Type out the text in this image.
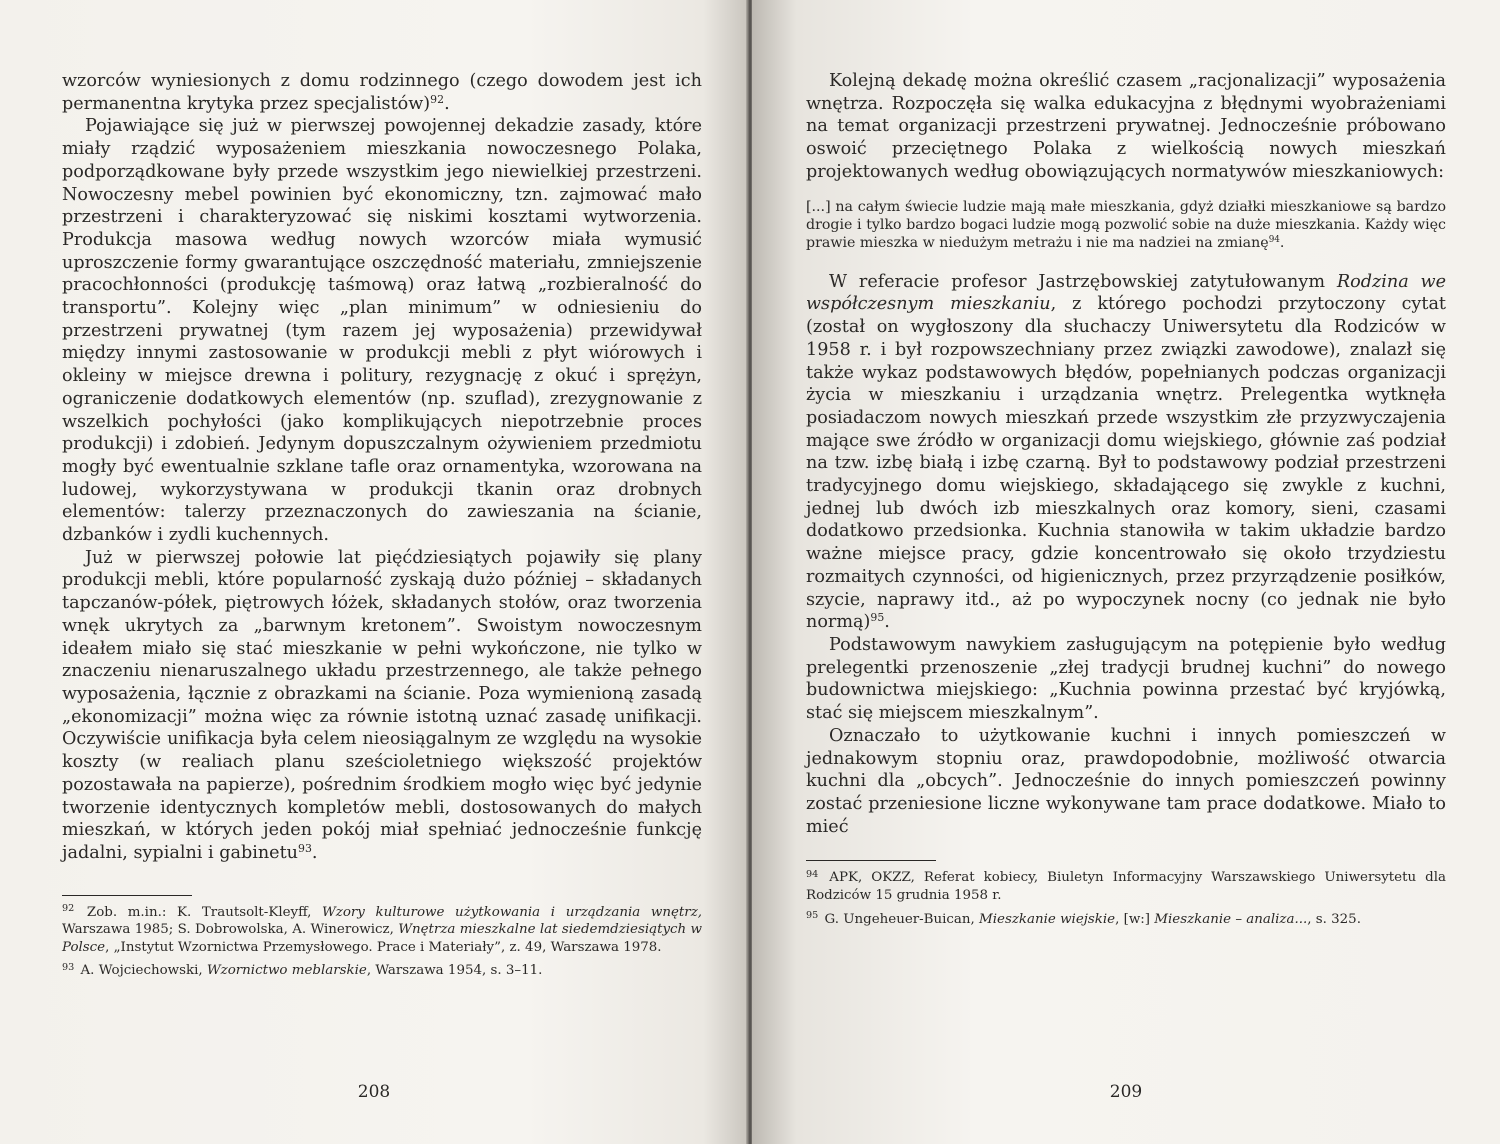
wzorców wyniesionych z domu rodzinnego (czego dowodem jest ich permanentna krytyka przez specjalistów)$^{92}$.

Pojawiające się już w pierwszej powojennej dekadzie zasady, które miały rządzić wyposażeniem mieszkania nowoczesnego Polaka, podporządkowane były przede wszystkim jego niewielkiej przestrzeni. Nowoczesny mebel powinien być ekonomiczny, tzn. zajmować mało przestrzeni i charakteryzować się niskimi kosztami wytworzenia. Produkcja masowa według nowych wzorców miała wymusić uproszczenie formy gwarantujące oszczędność materiału, zmniejszenie pracochłonności (produkcję taśmową) oraz łatwą „rozbieralność do transportu”. Kolejny więc „plan minimum” w odniesieniu do przestrzeni prywatnej (tym razem jej wyposażenia) przewidywał między innymi zastosowanie w produkcji mebli z płyt wiórowych i okleiny w miejsce drewna i politury, rezygnację z okuć i sprężyn, ograniczenie dodatkowych elementów (np. szuflad), zrezygnowanie z wszelkich pochyłości (jako komplikujących niepotrzebnie proces produkcji) i zdobień. Jedynym dopuszczalnym ożywieniem przedmiotu mogły być ewentualnie szklane tafle oraz ornamentyka, wzorowana na ludowej, wykorzystywana w produkcji tkanin oraz drobnych elementów: talerzy przeznaczonych do zawieszania na ścianie, dzbanków i zydli kuchennych.

Już w pierwszej połowie lat pięćdziesiątych pojawiły się plany produkcji mebli, które popularność zyskają dużo później – składanych tapczanów-półek, piętrowych łóżek, składanych stołów, oraz tworzenia wnęk ukrytych za „barwnym kretonem”. Swoistym nowoczesnym ideałem miało się stać mieszkanie w pełni wykończone, nie tylko w znaczeniu nienaruszalnego układu przestrzennego, ale także pełnego wyposażenia, łącznie z obrazkami na ścianie. Poza wymienioną zasadą „ekonomizacji” można więc za równie istotną uznać zasadę unifikacji. Oczywiście unifikacja była celem nieosiągalnym ze względu na wysokie koszty (w realiach planu sześcioletniego większość projektów pozostawała na papierze), pośrednim środkiem mogło więc być jedynie tworzenie identycznych kompletów mebli, dostosowanych do małych mieszkań, w których jeden pokój miał spełniać jednocześnie funkcję jadalni, sypialni i gabinetu$^{93}$.

$^{92}$ Zob. m.in.: K. Trautsolt-Kleyff, Wzory kulturowe użytkowania i urządzania wnętrz, Warszawa 1985; S. Dobrowolska, A. Winerowicz, Wnętrza mieszkalne lat siedemdziesiątych w Polsce, „Instytut Wzornictwa Przemysłowego. Prace i Materiały”, z. 49, Warszawa 1978.

$^{93}$ A. Wojciechowski, Wzornictwo meblarskie, Warszawa 1954, s. 3–11.

208

Kolejną dekadę można określić czasem „racjonalizacji” wyposażenia wnętrza. Rozpoczęła się walka edukacyjna z błędnymi wyobrażeniami na temat organizacji przestrzeni prywatnej. Jednocześnie próbowano oswoić przeciętnego Polaka z wielkością nowych mieszkań projektowanych według obowiązujących normatywów mieszkaniowych:

[...] na całym świecie ludzie mają małe mieszkania, gdyż działki mieszkaniowe są bardzo drogie i tylko bardzo bogaci ludzie mogą pozwolić sobie na duże mieszkania. Każdy więc prawie mieszka w niedużym metrażu i nie ma nadziei na zmianę$^{94}$.

W referacie profesor Jastrzębowskiej zatytułowanym Rodzina we współczesnym mieszkaniu, z którego pochodzi przytoczony cytat (został on wygłoszony dla słuchaczy Uniwersytetu dla Rodziców w 1958 r. i był rozpowszechniany przez związki zawodowe), znalazł się także wykaz podstawowych błędów, popełnianych podczas organizacji życia w mieszkaniu i urządzania wnętrz. Prelegentka wytknęła posiadaczom nowych mieszkań przede wszystkim złe przyzwyczajenia mające swe źródło w organizacji domu wiejskiego, głównie zaś podział na tzw. izbę białą i izbę czarną. Był to podstawowy podział przestrzeni tradycyjnego domu wiejskiego, składającego się zwykle z kuchni, jednej lub dwóch izb mieszkalnych oraz komory, sieni, czasami dodatkowo przedsionka. Kuchnia stanowiła w takim układzie bardzo ważne miejsce pracy, gdzie koncentrowało się około trzydziestu rozmaitych czynności, od higienicznych, przez przyrządzenie posiłków, szycie, naprawy itd., aż po wypoczynek nocny (co jednak nie było normą)$^{95}$.

Podstawowym nawykiem zasługującym na potępienie było według prelegentki przenoszenie „złej tradycji brudnej kuchni” do nowego budownictwa miejskiego: „Kuchnia powinna przestać być kryjówką, stać się miejscem mieszkalnym”.

Oznaczało to użytkowanie kuchni i innych pomieszczeń w jednakowym stopniu oraz, prawdopodobnie, możliwość otwarcia kuchni dla „obcych”. Jednocześnie do innych pomieszczeń powinny zostać przeniesione liczne wykonywane tam prace dodatkowe. Miało to mieć

$^{94}$ APK, OKZZ, Referat kobiecy, Biuletyn Informacyjny Warszawskiego Uniwersytetu dla Rodziców 15 grudnia 1958 r.

$^{95}$ G. Ungeheuer-Buican, Mieszkanie wiejskie, [w:] Mieszkanie – analiza..., s. 325.

209
